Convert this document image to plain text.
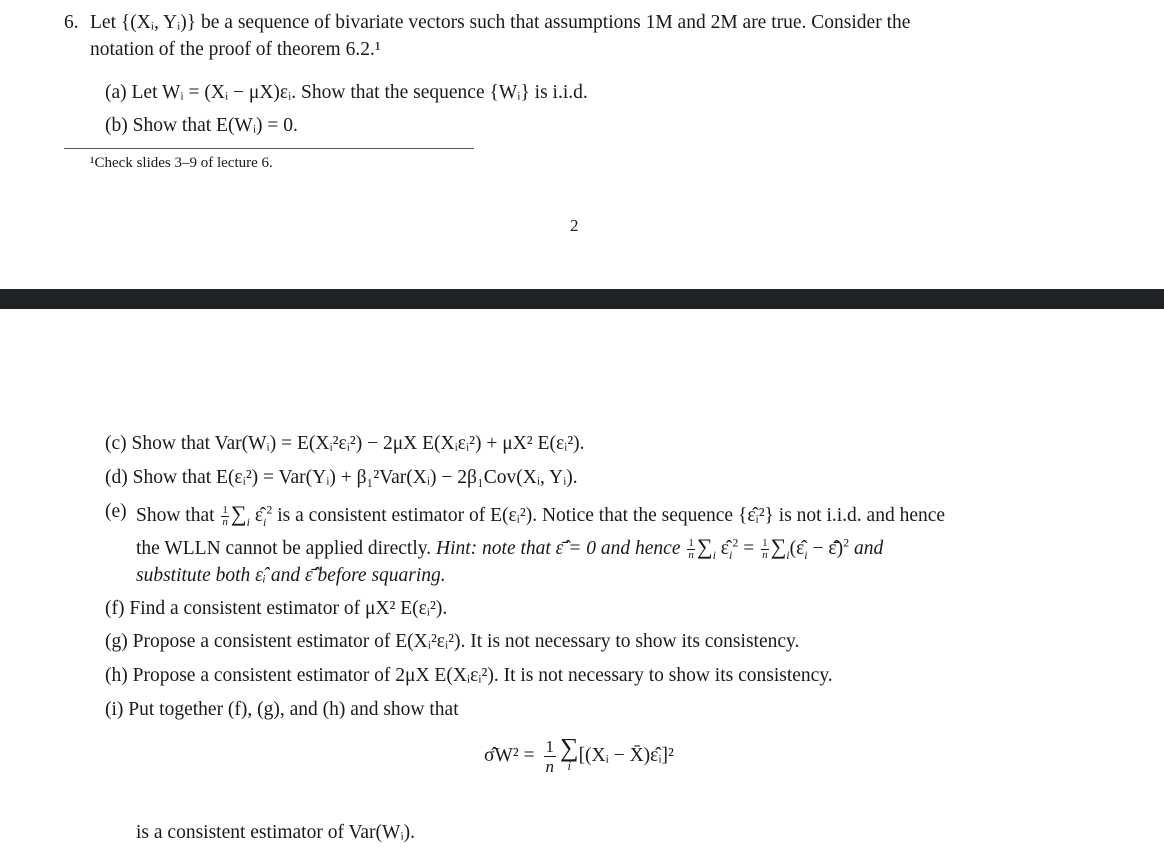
6. Let {(Xᵢ, Yᵢ)} be a sequence of bivariate vectors such that assumptions 1M and 2M are true. Consider the
notation of the proof of theorem 6.2.¹
(a) Let Wᵢ = (Xᵢ − μX)εᵢ. Show that the sequence {Wᵢ} is i.i.d.
(b) Show that E(Wᵢ) = 0.
¹Check slides 3–9 of lecture 6.
2
(c) Show that Var(Wᵢ) = E(Xᵢ²εᵢ²) − 2μX E(Xᵢεᵢ²) + μX² E(εᵢ²).
(d) Show that E(εᵢ²) = Var(Yᵢ) + β₁²Var(Xᵢ) − 2β₁Cov(Xᵢ, Yᵢ).
(e) Show that $\frac{1}{n} \sum_i$ $\varepsilon̂_i^2$ is a consistent estimator of E(εᵢ²). Notice that the sequence {ε̂ᵢ²} is not i.i.d. and hence
the WLLN cannot be applied directly. Hint: note that ε̄̂ = 0 and hence $\frac{1}{n} \sum_i$ $\varepsilon̂_i^2 = \frac{1}{n}$ $\sum_i(\varepsilon̂_i$ − ε̄̂)$^2$ and
substitute both ε̂ᵢ and ε̄̂ before squaring.
(f) Find a consistent estimator of μX² E(εᵢ²).
(g) Propose a consistent estimator of E(Xᵢ²εᵢ²). It is not necessary to show its consistency.
(h) Propose a consistent estimator of 2μX E(Xᵢεᵢ²). It is not necessary to show its consistency.
(i) Put together (f), (g), and (h) and show that
σ̂W² = $\frac{1}{n}$ ∑
i [(Xᵢ − X̄)ε̂ᵢ]²
is a consistent estimator of Var(Wᵢ).
